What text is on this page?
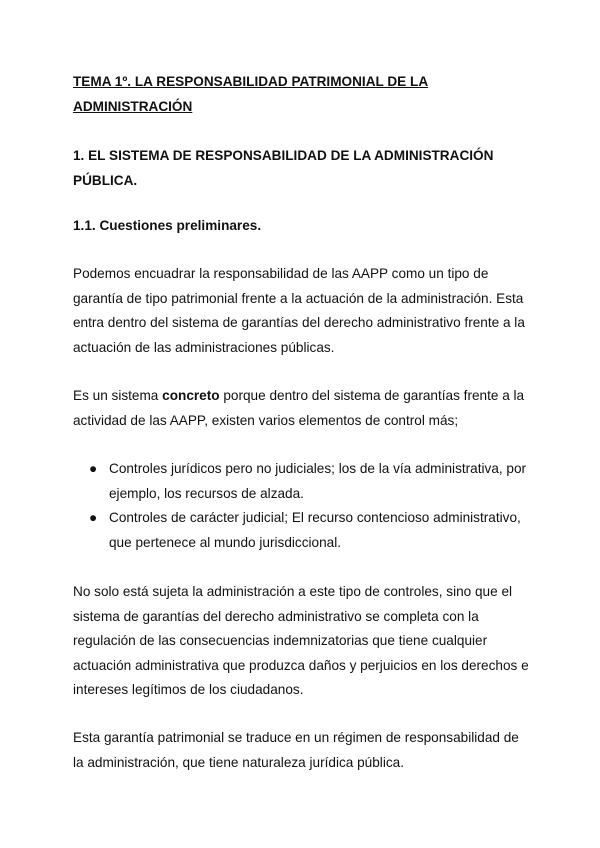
TEMA 1º. LA RESPONSABILIDAD PATRIMONIAL DE LA ADMINISTRACIÓN

1. EL SISTEMA DE RESPONSABILIDAD DE LA ADMINISTRACIÓN PÚBLICA.

1.1. Cuestiones preliminares.

Podemos encuadrar la responsabilidad de las AAPP como un tipo de garantía de tipo patrimonial frente a la actuación de la administración. Esta entra dentro del sistema de garantías del derecho administrativo frente a la actuación de las administraciones públicas.

Es un sistema concreto porque dentro del sistema de garantías frente a la actividad de las AAPP, existen varios elementos de control más;

● Controles jurídicos pero no judiciales; los de la vía administrativa, por ejemplo, los recursos de alzada.
● Controles de carácter judicial; El recurso contencioso administrativo, que pertenece al mundo jurisdiccional.

No solo está sujeta la administración a este tipo de controles, sino que el sistema de garantías del derecho administrativo se completa con la regulación de las consecuencias indemnizatorias que tiene cualquier actuación administrativa que produzca daños y perjuicios en los derechos e intereses legítimos de los ciudadanos.

Esta garantía patrimonial se traduce en un régimen de responsabilidad de la administración, que tiene naturaleza jurídica pública.
